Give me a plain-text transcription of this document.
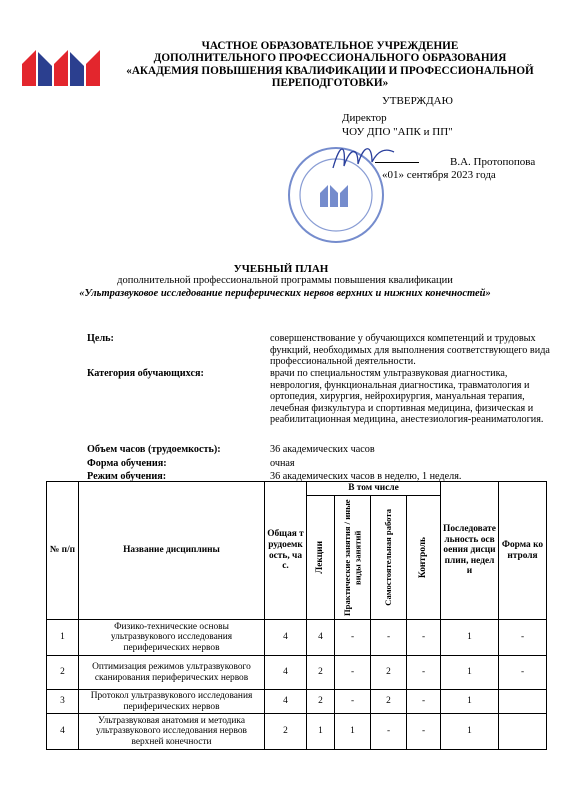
ЧАСТНОЕ ОБРАЗОВАТЕЛЬНОЕ УЧРЕЖДЕНИЕ
ДОПОЛНИТЕЛЬНОГО ПРОФЕССИОНАЛЬНОГО ОБРАЗОВАНИЯ
«АКАДЕМИЯ ПОВЫШЕНИЯ КВАЛИФИКАЦИИ И ПРОФЕССИОНАЛЬНОЙ
ПЕРЕПОДГОТОВКИ»
УТВЕРЖДАЮ
Директор
ЧОУ ДПО "АПК и ПП"
В.А. Протопопова
«01» сентября 2023 года
УЧЕБНЫЙ ПЛАН
дополнительной профессиональной программы повышения квалификации
«Ультразвуковое исследование периферических нервов верхних и нижних конечностей»
Цель:	совершенствование у обучающихся компетенций и трудовых функций, необходимых для выполнения соответствующего вида профессиональной деятельности.
Категория обучающихся:	врачи по специальностям ультразвуковая диагностика, неврология, функциональная диагностика, травматология и ортопедия, хирургия, нейрохирургия, мануальная терапия, лечебная физкультура и спортивная медицина, физическая и реабилитационная медицина, анестезиология-реаниматология.
Объем часов (трудоемкость):	36 академических часов
Форма обучения:	очная
Режим обучения:	36 академических часов в неделю, 1 неделя.
№ п/п	Название дисциплины	Общая трудоемкость, час.	В том числе				Последовательность освоения дисциплин, недели	Форма контроля

			Лекции	Практические занятия / иные виды занятий	Самостоятельная работа	Контроль		

1	Физико-технические основы ультразвукового исследования периферических нервов	4	4	-	-	-	1	-
2	Оптимизация режимов ультразвукового сканирования периферических нервов	4	2	-	2	-	1	-
3	Протокол ультразвукового исследования периферических нервов	4	2	-	2	-	1	
4	Ультразвуковая анатомия и методика ультразвукового исследования нервов верхней конечности	2	1	1	-	-	1	
